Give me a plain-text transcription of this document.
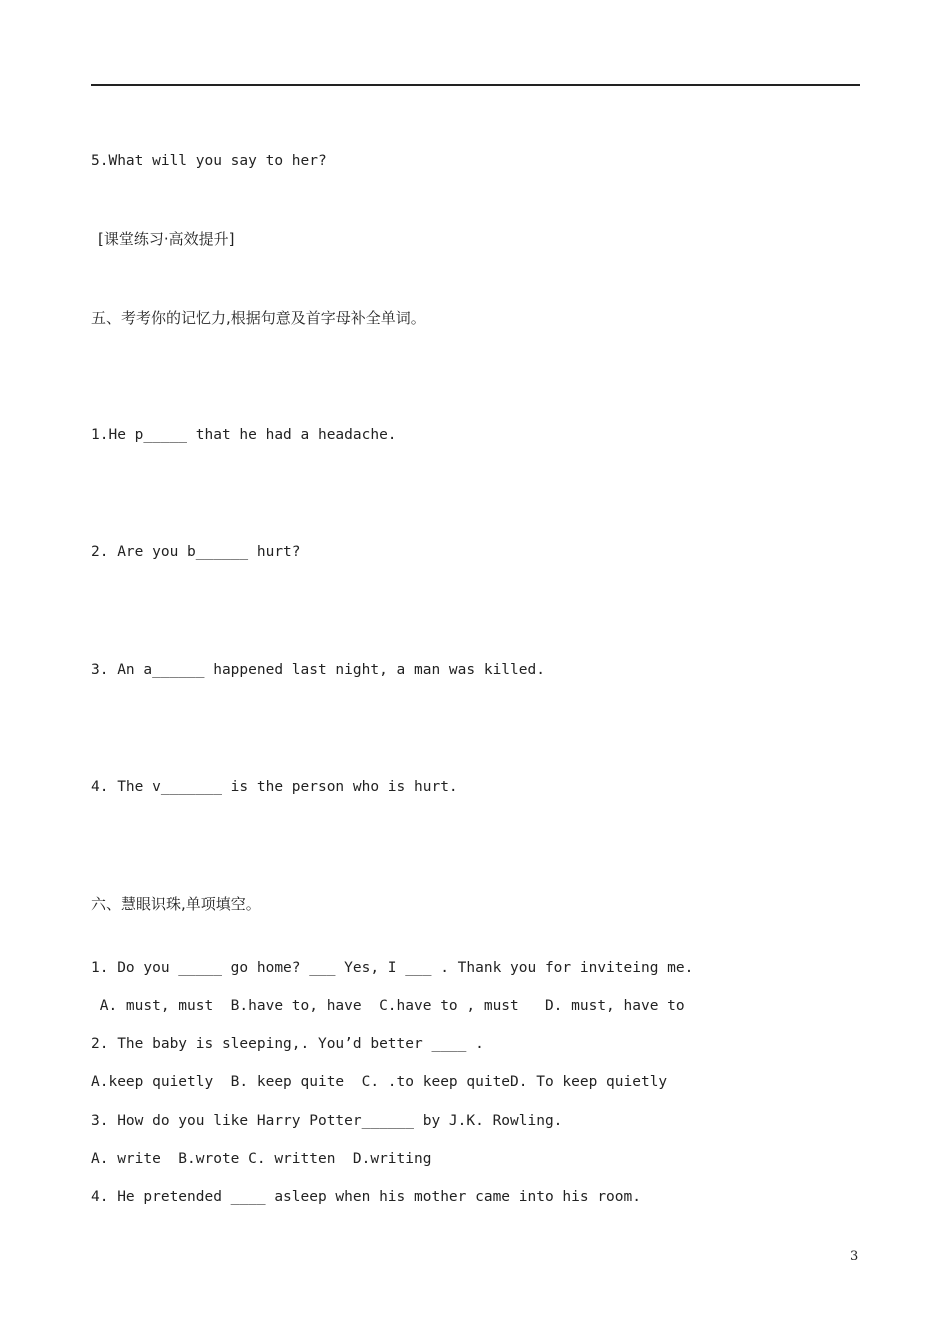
5.What will you say to her?
[课堂练习·高效提升]
五、考考你的记忆力,根据句意及首字母补全单词。
1.He p_____ that he had a headache.
2. Are you b______ hurt?
3. An a______ happened last night, a man was killed.
4. The v_______ is the person who is hurt.
六、慧眼识珠,单项填空。
1. Do you _____ go home? ___ Yes, I ___ . Thank you for inviteing me.
A. must, must  B.have to, have  C.have to , must   D. must, have to
2. The baby is sleeping,. You’d better ____ .
A.keep quietly  B. keep quite  C. .to keep quiteD. To keep quietly
3. How do you like Harry Potter______ by J.K. Rowling.
A. write  B.wrote C. written  D.writing
4. He pretended ____ asleep when his mother came into his room.
3
